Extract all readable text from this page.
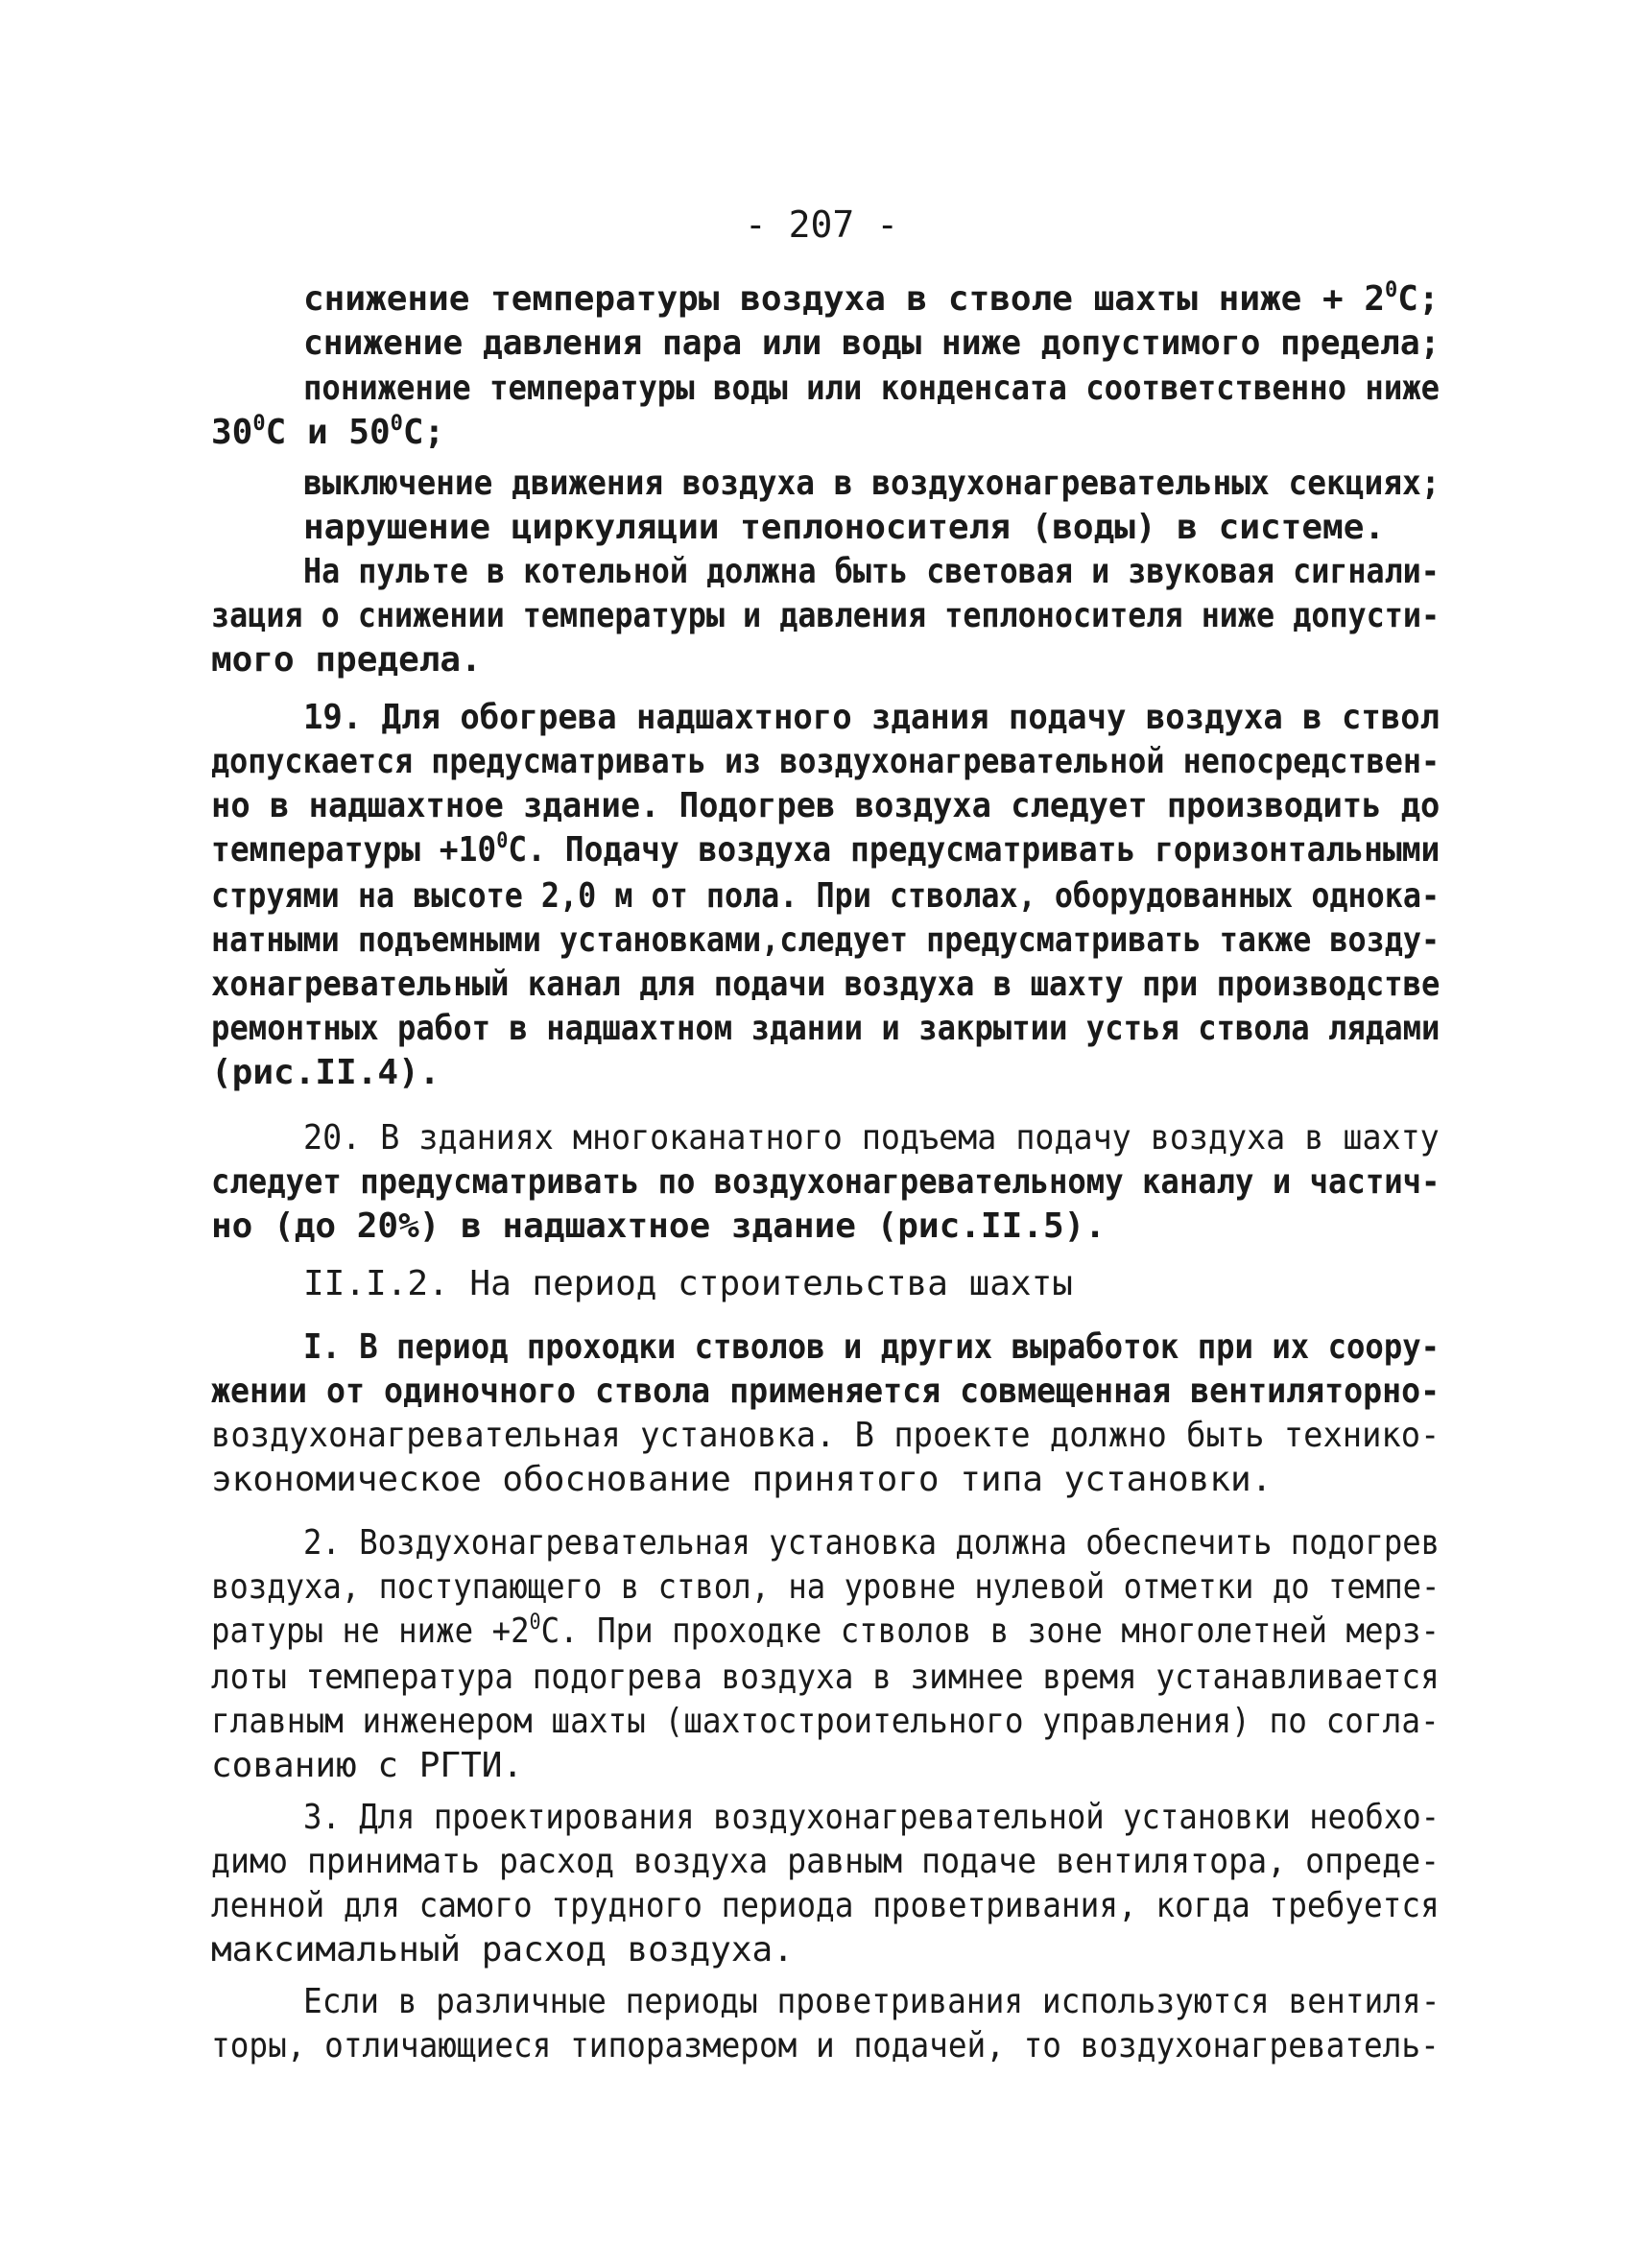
- 207 -
снижение температуры воздуха в стволе шахты ниже + $2^0С$;
снижение давления пара или воды ниже допустимого предела;
понижение температуры воды или конденсата соответственно ниже
$30^0С$ и $50^0С$;
выключение движения воздуха в воздухонагревательных секциях;
нарушение циркуляции теплоносителя (воды) в системе.
На пульте в котельной должна быть световая и звуковая сигнали-
зация о снижении температуры и давления теплоносителя ниже допусти-
мого предела.
19. Для обогрева надшахтного здания подачу воздуха в ствол
допускается предусматривать из воздухонагревательной непосредствен-
но в надшахтное здание. Подогрев воздуха следует производить до
температуры $+10^0С$. Подачу воздуха предусматривать горизонтальными
струями на высоте 2,0 м от пола. При стволах, оборудованных однока-
натными подъемными установками,следует предусматривать также возду-
хонагревательный канал для подачи воздуха в шахту при производстве
ремонтных работ в надшахтном здании и закрытии устья ствола лядами
(рис.II.4).
20. В зданиях многоканатного подъема подачу воздуха в шахту
следует предусматривать по воздухонагревательному каналу и частич-
но (до 20%) в надшахтное здание (рис.II.5).
II.I.2. На период строительства шахты
I. В период проходки стволов и других выработок при их соору-
жении от одиночного ствола применяется совмещенная вентиляторно-
воздухонагревательная установка. В проекте должно быть технико-
экономическое обоснование принятого типа установки.
2. Воздухонагревательная установка должна обеспечить подогрев
воздуха, поступающего в ствол, на уровне нулевой отметки до темпе-
ратуры не ниже $+2^0С$. При проходке стволов в зоне многолетней мерз-
лоты температура подогрева воздуха в зимнее время устанавливается
главным инженером шахты (шахтостроительного управления) по согла-
сованию с РГТИ.
3. Для проектирования воздухонагревательной установки необхо-
димо принимать расход воздуха равным подаче вентилятора, опреде-
ленной для самого трудного периода проветривания, когда требуется
максимальный расход воздуха.
Если в различные периоды проветривания используются вентиля-
торы, отличающиеся типоразмером и подачей, то воздухонагреватель-
